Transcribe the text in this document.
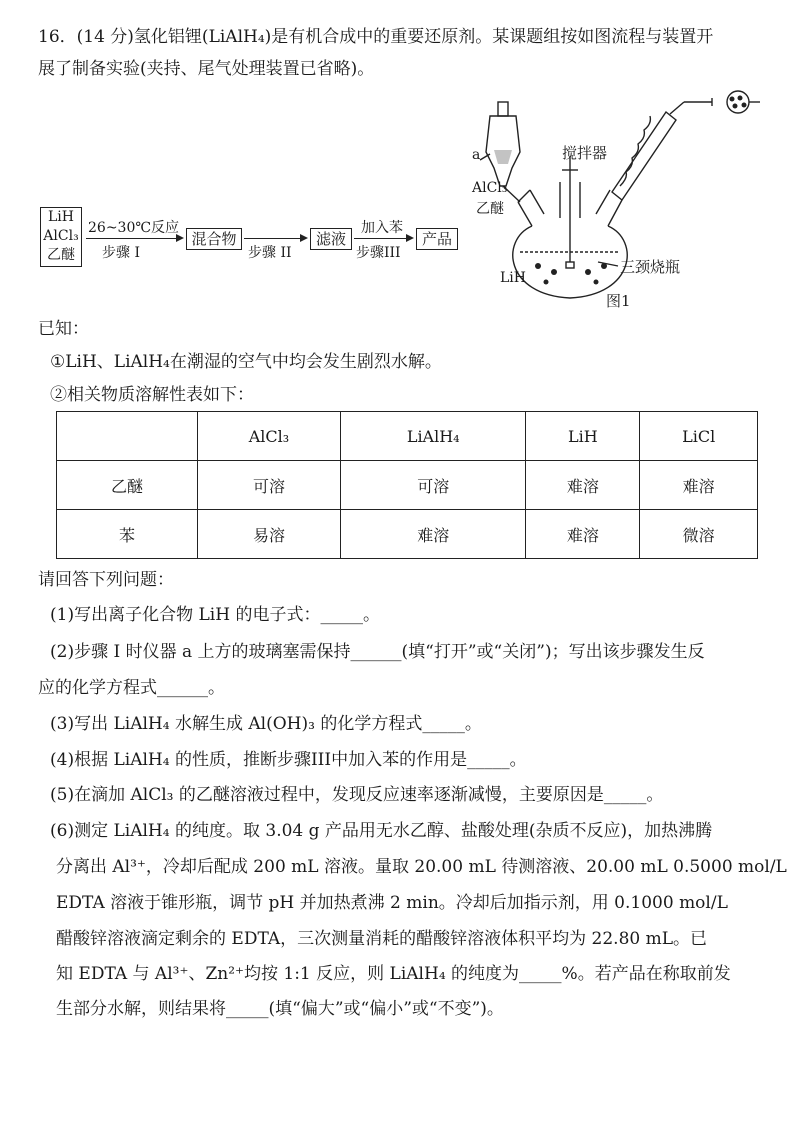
16．(14 分)氢化铝锂(LiAlH₄)是有机合成中的重要还原剂。某课题组按如图流程与装置开
展了制备实验(夹持、尾气处理装置已省略)。
LiH
AlCl₃
乙醚
26~30℃反应
步骤 I
混合物
步骤 II
滤液
加入苯
步骤III
产品
a
AlCl₃
乙醚
搅拌器
三颈烧瓶
LiH
图1
已知：
①LiH、LiAlH₄在潮湿的空气中均会发生剧烈水解。
②相关物质溶解性表如下：
	AlCl₃	LiAlH₄	LiH	LiCl
乙醚	可溶	可溶	难溶	难溶
苯	易溶	难溶	难溶	微溶
请回答下列问题：
(1)写出离子化合物 LiH 的电子式：_____。
(2)步骤 I 时仪器 a 上方的玻璃塞需保持______(填“打开”或“关闭”)；写出该步骤发生反
应的化学方程式______。
(3)写出 LiAlH₄ 水解生成 Al(OH)₃ 的化学方程式_____。
(4)根据 LiAlH₄ 的性质，推断步骤III中加入苯的作用是_____。
(5)在滴加 AlCl₃ 的乙醚溶液过程中，发现反应速率逐渐减慢，主要原因是_____。
(6)测定 LiAlH₄ 的纯度。取 3.04 g 产品用无水乙醇、盐酸处理(杂质不反应)，加热沸腾
分离出 Al³⁺，冷却后配成 200 mL 溶液。量取 20.00 mL 待测溶液、20.00 mL 0.5000 mol/L
EDTA 溶液于锥形瓶，调节 pH 并加热煮沸 2 min。冷却后加指示剂，用 0.1000 mol/L
醋酸锌溶液滴定剩余的 EDTA，三次测量消耗的醋酸锌溶液体积平均为 22.80 mL。已
知 EDTA 与 Al³⁺、Zn²⁺均按 1:1 反应，则 LiAlH₄ 的纯度为_____%。若产品在称取前发
生部分水解，则结果将_____(填“偏大”或“偏小”或“不变”)。
